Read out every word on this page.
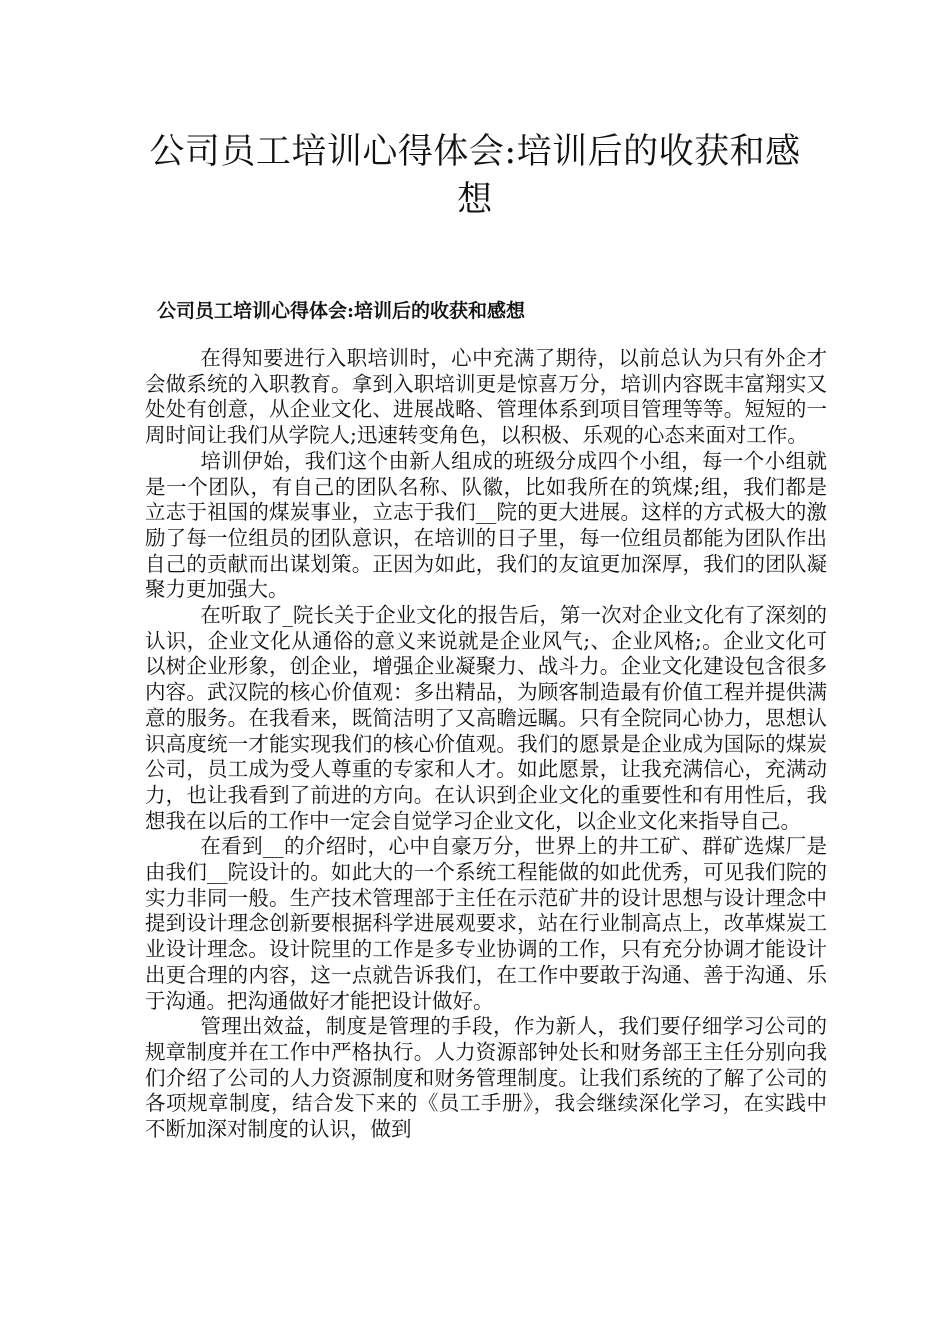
公司员工培训心得体会:培训后的收获和感想
公司员工培训心得体会:培训后的收获和感想

在得知要进行入职培训时，心中充满了期待，以前总认为只有外企才会做系统的入职教育。拿到入职培训更是惊喜万分，培训内容既丰富翔实又处处有创意，从企业文化、进展战略、管理体系到项目管理等等。短短的一周时间让我们从学院人;迅速转变角色，以积极、乐观的心态来面对工作。

培训伊始，我们这个由新人组成的班级分成四个小组，每一个小组就是一个团队，有自己的团队名称、队徽，比如我所在的筑煤;组，我们都是立志于祖国的煤炭事业，立志于我们__院的更大进展。这样的方式极大的激励了每一位组员的团队意识，在培训的日子里，每一位组员都能为团队作出自己的贡献而出谋划策。正因为如此，我们的友谊更加深厚，我们的团队凝聚力更加强大。

在听取了_院长关于企业文化的报告后，第一次对企业文化有了深刻的认识，企业文化从通俗的意义来说就是企业风气;、企业风格;。企业文化可以树企业形象，创企业，增强企业凝聚力、战斗力。企业文化建设包含很多内容。武汉院的核心价值观：多出精品，为顾客制造最有价值工程并提供满意的服务。在我看来，既简洁明了又高瞻远瞩。只有全院同心协力，思想认识高度统一才能实现我们的核心价值观。我们的愿景是企业成为国际的煤炭公司，员工成为受人尊重的专家和人才。如此愿景，让我充满信心，充满动力，也让我看到了前进的方向。在认识到企业文化的重要性和有用性后，我想我在以后的工作中一定会自觉学习企业文化，以企业文化来指导自己。

在看到__的介绍时，心中自豪万分，世界上的井工矿、群矿选煤厂是由我们__院设计的。如此大的一个系统工程能做的如此优秀，可见我们院的实力非同一般。生产技术管理部于主任在示范矿井的设计思想与设计理念中提到设计理念创新要根据科学进展观要求，站在行业制高点上，改革煤炭工业设计理念。设计院里的工作是多专业协调的工作，只有充分协调才能设计出更合理的内容，这一点就告诉我们，在工作中要敢于沟通、善于沟通、乐于沟通。把沟通做好才能把设计做好。

管理出效益，制度是管理的手段，作为新人，我们要仔细学习公司的规章制度并在工作中严格执行。人力资源部钟处长和财务部王主任分别向我们介绍了公司的人力资源制度和财务管理制度。让我们系统的了解了公司的各项规章制度，结合发下来的《员工手册》，我会继续深化学习，在实践中不断加深对制度的认识，做到
